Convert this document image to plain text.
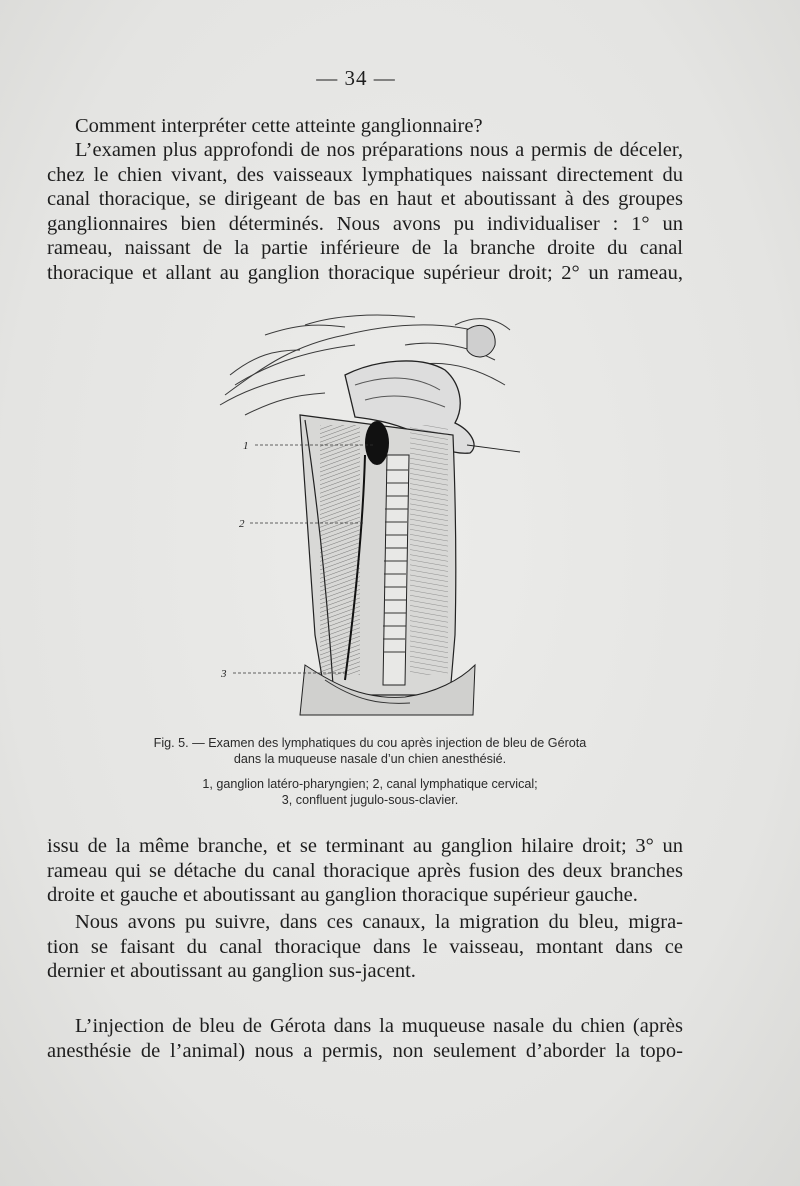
— 34 —

Comment interpréter cette atteinte ganglionnaire?

L’examen plus approfondi de nos préparations nous a permis de déceler,
chez le chien vivant, des vaisseaux lymphatiques naissant directement du
canal thoracique, se dirigeant de bas en haut et aboutissant à des groupes
ganglionnaires bien déterminés. Nous avons pu individualiser : 1° un
rameau, naissant de la partie inférieure de la branche droite du canal
thoracique et allant au ganglion thoracique supérieur droit; 2° un rameau,

1
2
3
Fig. 5. — Examen des lymphatiques du cou après injection de bleu de Gérota
dans la muqueuse nasale d’un chien anesthésié.
1, ganglion latéro-pharyngien; 2, canal lymphatique cervical;
3, confluent jugulo-sous-clavier.

issu de la même branche, et se terminant au ganglion hilaire droit; 3° un
rameau qui se détache du canal thoracique après fusion des deux branches
droite et gauche et aboutissant au ganglion thoracique supérieur gauche.

Nous avons pu suivre, dans ces canaux, la migration du bleu, migra-
tion se faisant du canal thoracique dans le vaisseau, montant dans ce
dernier et aboutissant au ganglion sus-jacent.

L’injection de bleu de Gérota dans la muqueuse nasale du chien (après
anesthésie de l’animal) nous a permis, non seulement d’aborder la topo-
